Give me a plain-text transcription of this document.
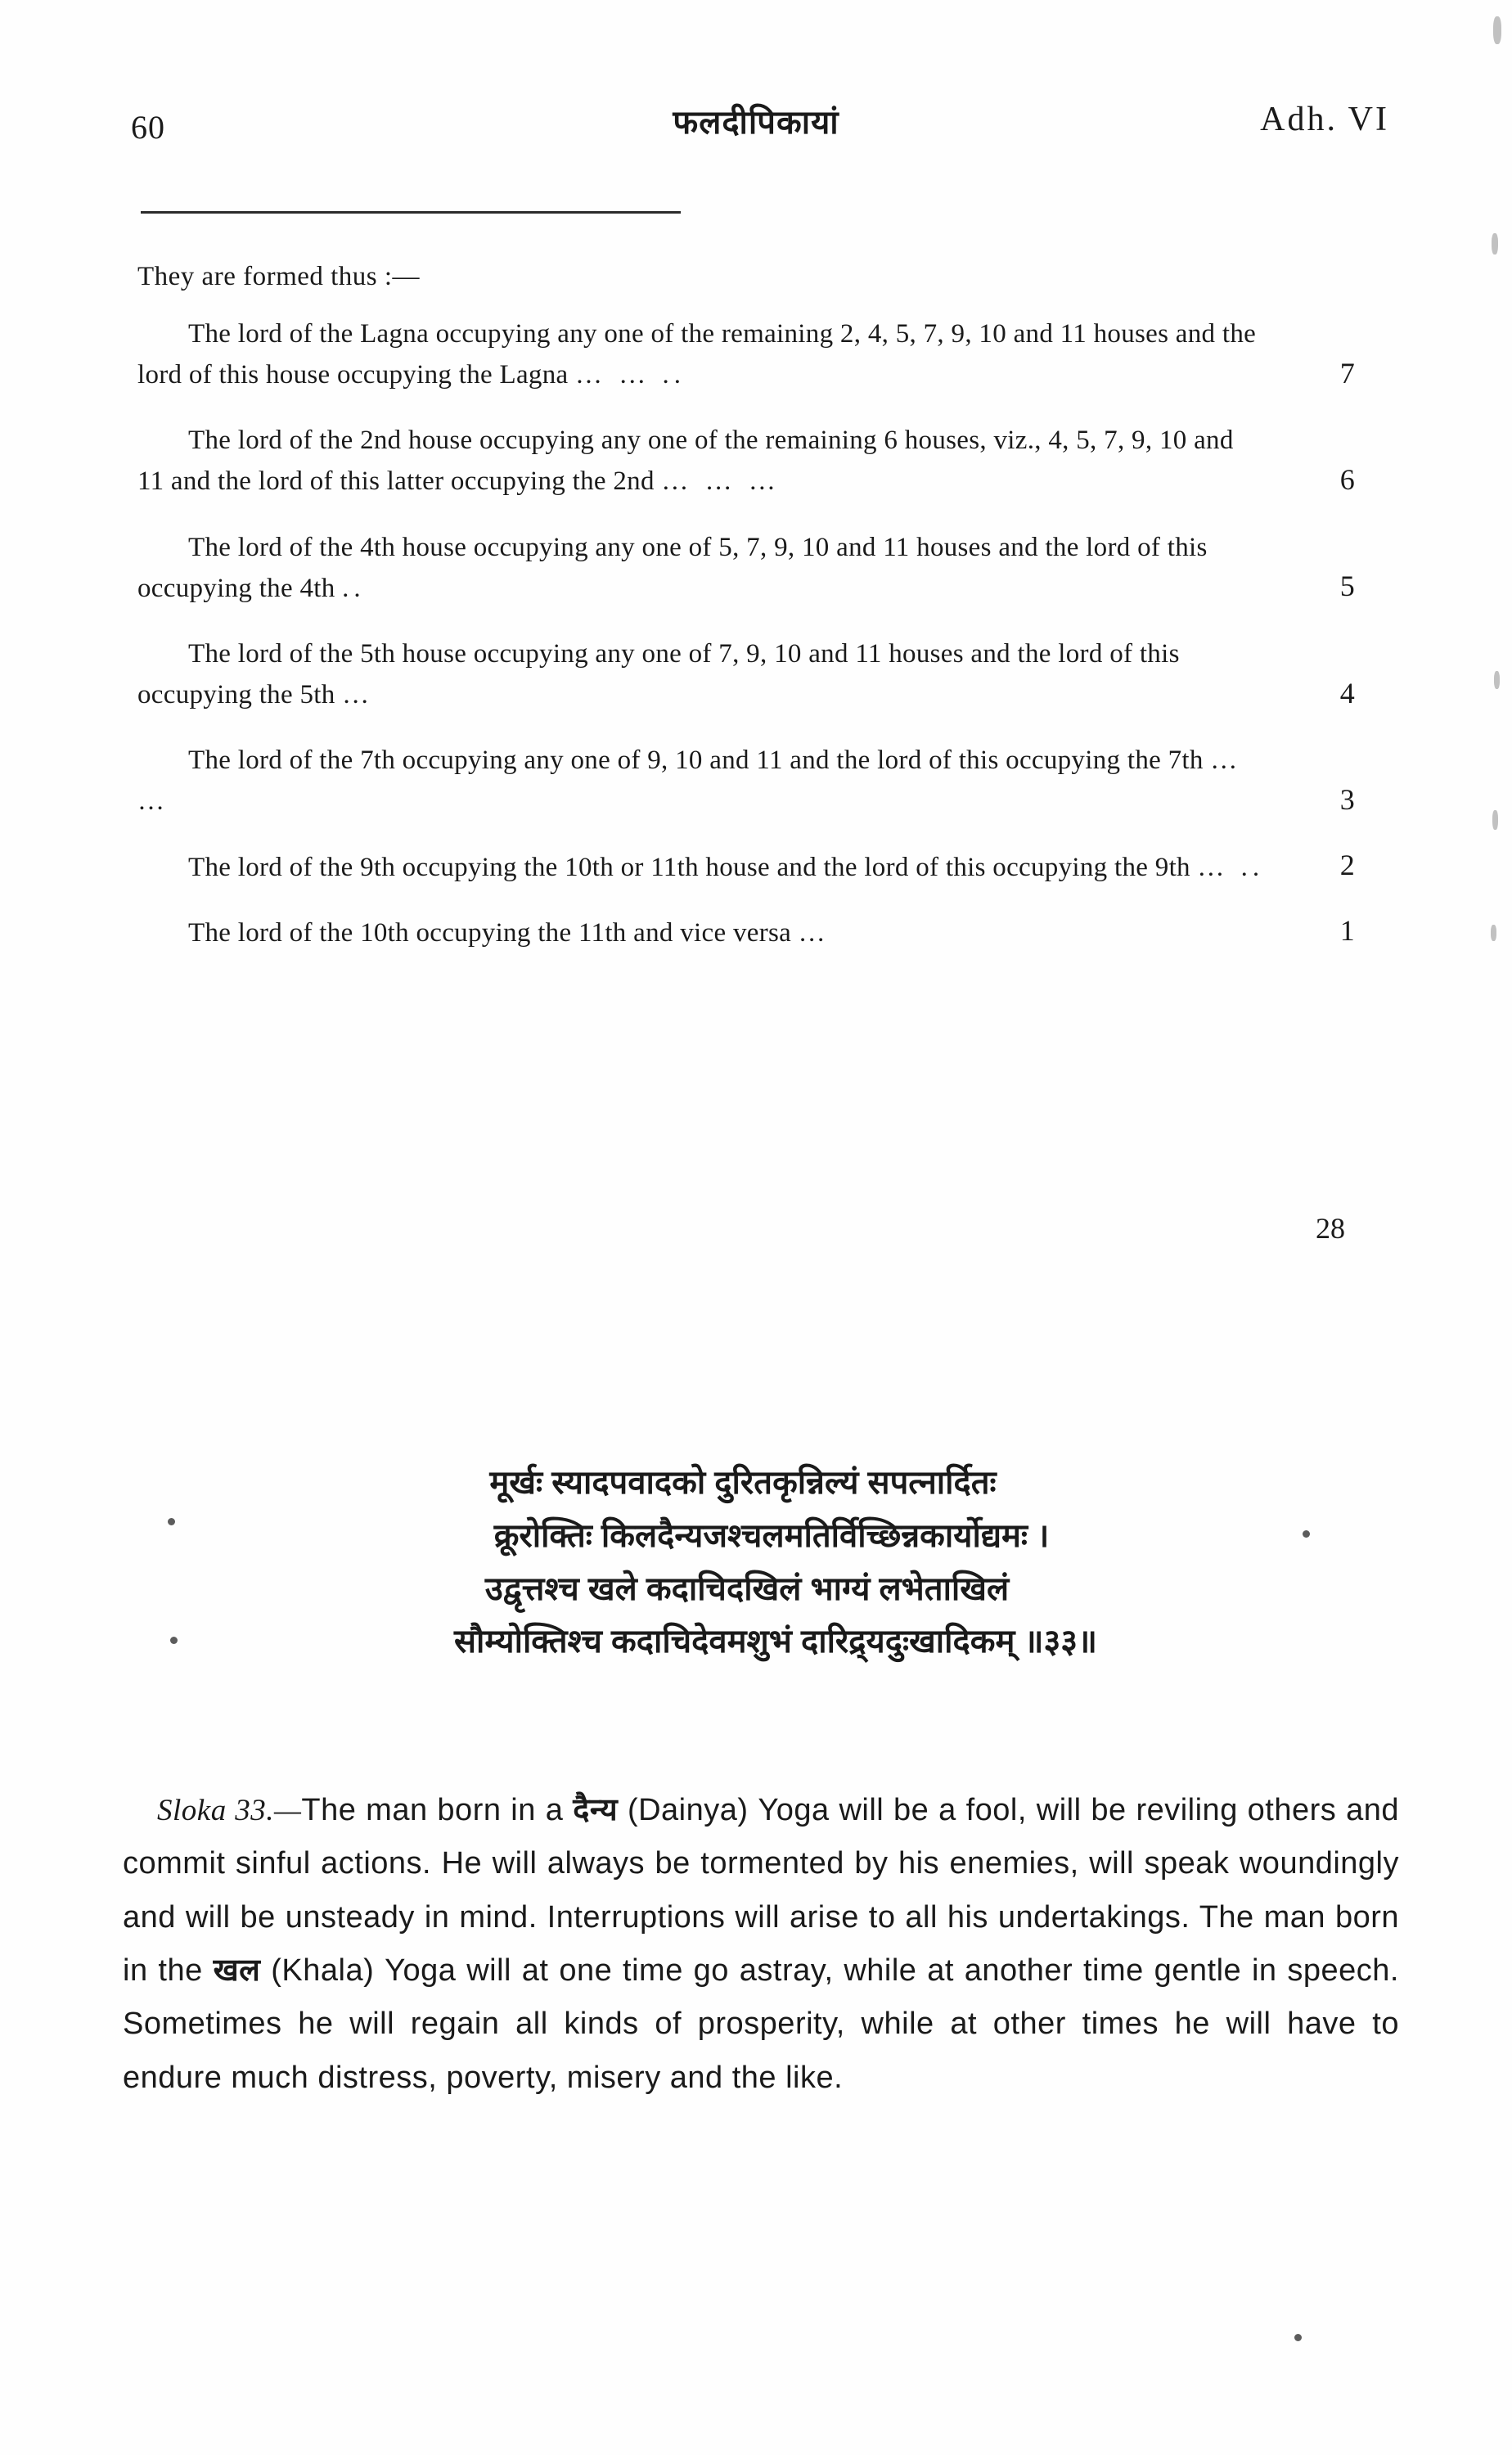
60	फलदीपिकायां	Adh. VI

They are formed thus :—

The lord of the Lagna occupying any one of the remaining 2, 4, 5, 7, 9, 10 and 11 houses and the lord of this house occupying the Lagna … … ..	7

The lord of the 2nd house occupying any one of the remaining 6 houses, viz., 4, 5, 7, 9, 10 and 11 and the lord of this latter occupying the 2nd … … …	6

The lord of the 4th house occupying any one of 5, 7, 9, 10 and 11 houses and the lord of this occupying the 4th ..	5

The lord of the 5th house occupying any one of 7, 9, 10 and 11 houses and the lord of this occupying the 5th …	4

The lord of the 7th occupying any one of 9, 10 and 11 and the lord of this occupying the 7th … …	3

The lord of the 9th occupying the 10th or 11th house and the lord of this occupying the 9th … ..	2

The lord of the 10th occupying the 11th and vice versa …	1

28
मूर्खः स्यादपवादको दुरितकृन्निल्यं सपत्नार्दितः
क्रूरोक्तिः किलदैन्यजश्चलमतिर्विच्छिन्नकार्योद्यमः ।
उद्वृत्तश्च खले कदाचिदखिलं भाग्यं लभेताखिलं
सौम्योक्तिश्च कदाचिदेवमशुभं दारिद्र्यदुःखादिकम् ॥३३॥

Sloka 33.—The man born in a दैन्य (Dainya) Yoga will be a fool, will be reviling others and commit sinful actions. He will always be tormented by his enemies, will speak woundingly and will be unsteady in mind. Interruptions will arise to all his undertakings. The man born in the खल (Khala) Yoga will at one time go astray, while at another time gentle in speech. Sometimes he will regain all kinds of prosperity, while at other times he will have to endure much distress, poverty, misery and the like.
